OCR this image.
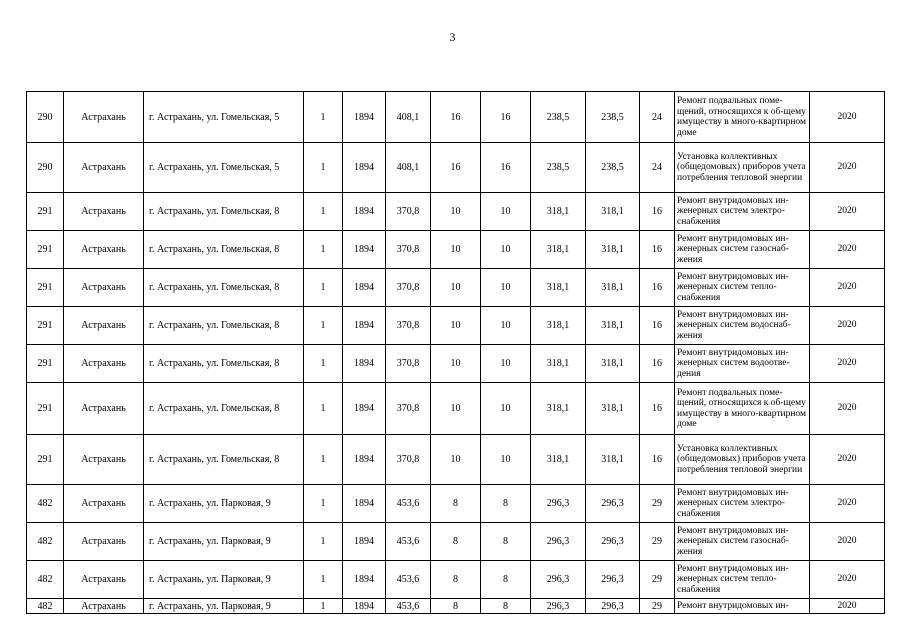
3
290	Астрахань	г. Астрахань, ул. Гомельская, 5	1	1894	408,1	16	16	238,5	238,5	24	Ремонт подвальных поме-щений, относящихся к об-щему имуществу в много-квартирном доме	2020
290	Астрахань	г. Астрахань, ул. Гомельская, 5	1	1894	408,1	16	16	238,5	238,5	24	Установка коллективных (общедомовых) приборов учета потребления тепловой энергии	2020
291	Астрахань	г. Астрахань, ул. Гомельская, 8	1	1894	370,8	10	10	318,1	318,1	16	Ремонт внутридомовых ин-женерных систем электро-снабжения	2020
291	Астрахань	г. Астрахань, ул. Гомельская, 8	1	1894	370,8	10	10	318,1	318,1	16	Ремонт внутридомовых ин-женерных систем газоснаб-жения	2020
291	Астрахань	г. Астрахань, ул. Гомельская, 8	1	1894	370,8	10	10	318,1	318,1	16	Ремонт внутридомовых ин-женерных систем тепло-снабжения	2020
291	Астрахань	г. Астрахань, ул. Гомельская, 8	1	1894	370,8	10	10	318,1	318,1	16	Ремонт внутридомовых ин-женерных систем водоснаб-жения	2020
291	Астрахань	г. Астрахань, ул. Гомельская, 8	1	1894	370,8	10	10	318,1	318,1	16	Ремонт внутридомовых ин-женерных систем водоотве-дения	2020
291	Астрахань	г. Астрахань, ул. Гомельская, 8	1	1894	370,8	10	10	318,1	318,1	16	Ремонт подвальных поме-щений, относящихся к об-щему имуществу в много-квартирном доме	2020
291	Астрахань	г. Астрахань, ул. Гомельская, 8	1	1894	370,8	10	10	318,1	318,1	16	Установка коллективных (общедомовых) приборов учета потребления тепловой энергии	2020
482	Астрахань	г. Астрахань, ул. Парковая, 9	1	1894	453,6	8	8	296,3	296,3	29	Ремонт внутридомовых ин-женерных систем электро-снабжения	2020
482	Астрахань	г. Астрахань, ул. Парковая, 9	1	1894	453,6	8	8	296,3	296,3	29	Ремонт внутридомовых ин-женерных систем газоснаб-жения	2020
482	Астрахань	г. Астрахань, ул. Парковая, 9	1	1894	453,6	8	8	296,3	296,3	29	Ремонт внутридомовых ин-женерных систем тепло-снабжения	2020
482	Астрахань	г. Астрахань, ул. Парковая, 9	1	1894	453,6	8	8	296,3	296,3	29	Ремонт внутридомовых ин-	2020
